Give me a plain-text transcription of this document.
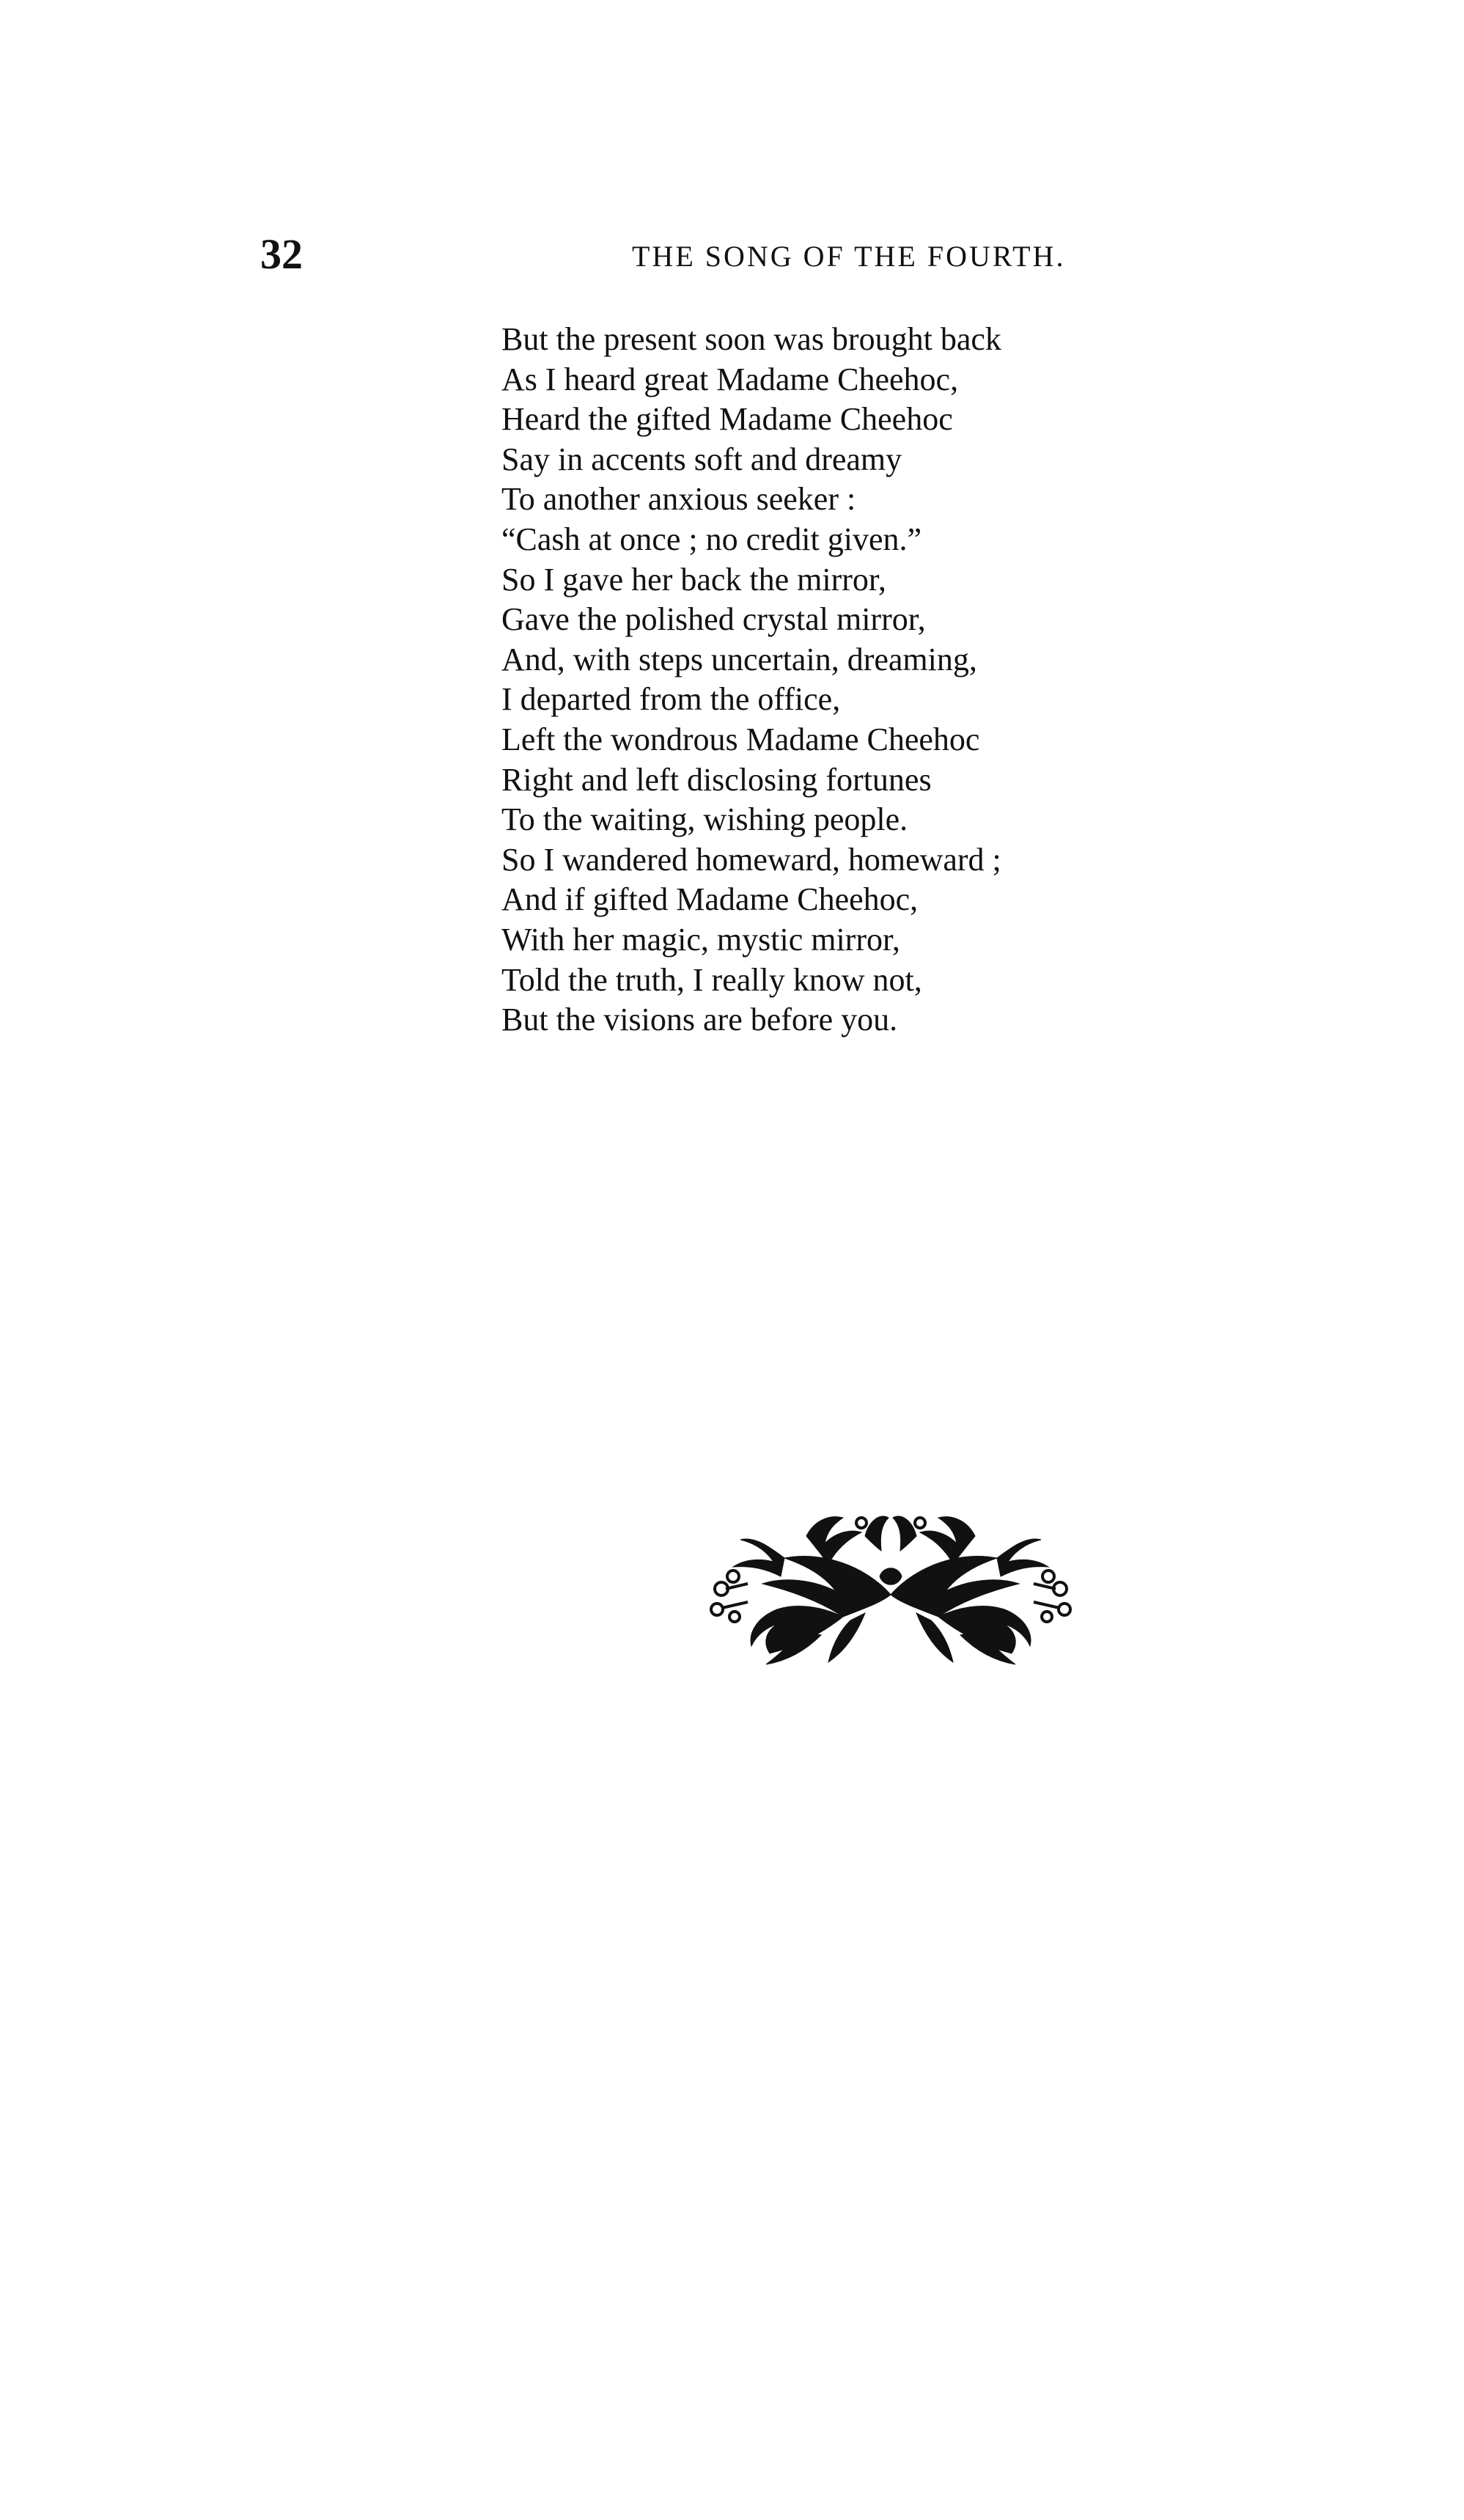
32	THE SONG OF THE FOURTH.
But the present soon was brought back
As I heard great Madame Cheehoc,
Heard the gifted Madame Cheehoc
Say in accents soft and dreamy
To another anxious seeker :
“Cash at once ; no credit given.”
So I gave her back the mirror,
Gave the polished crystal mirror,
And, with steps uncertain, dreaming,
I departed from the office,
Left the wondrous Madame Cheehoc
Right and left disclosing fortunes
To the waiting, wishing people.
So I wandered homeward, homeward ;
And if gifted Madame Cheehoc,
With her magic, mystic mirror,
Told the truth, I really know not,
But the visions are before you.
